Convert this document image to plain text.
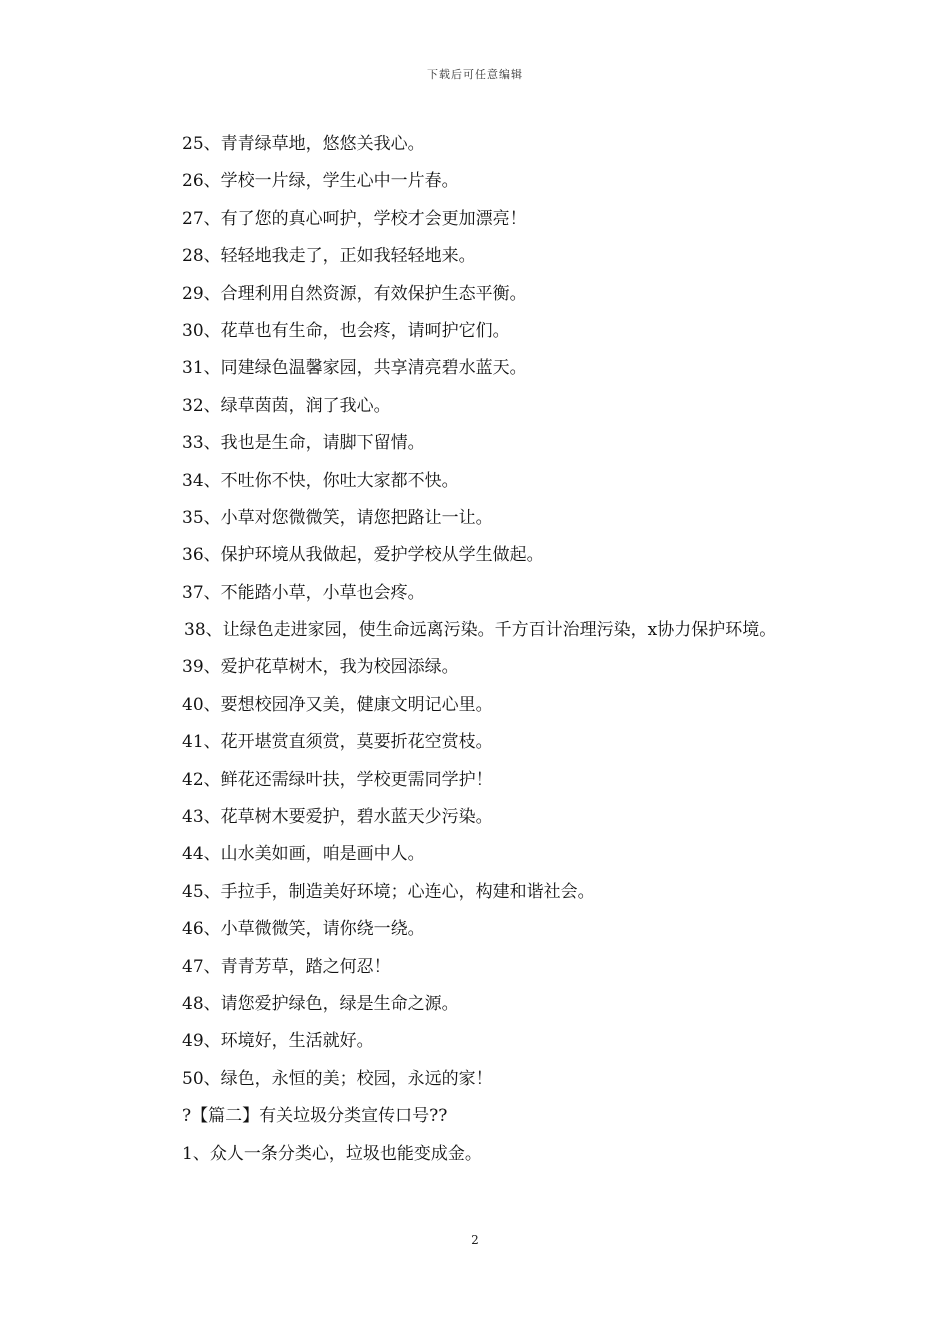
下载后可任意编辑
25、青青绿草地，悠悠关我心。
26、学校一片绿，学生心中一片春。
27、有了您的真心呵护，学校才会更加漂亮！
28、轻轻地我走了，正如我轻轻地来。
29、合理利用自然资源，有效保护生态平衡。
30、花草也有生命，也会疼，请呵护它们。
31、同建绿色温馨家园，共享清亮碧水蓝天。
32、绿草茵茵，润了我心。
33、我也是生命，请脚下留情。
34、不吐你不快，你吐大家都不快。
35、小草对您微微笑，请您把路让一让。
36、保护环境从我做起，爱护学校从学生做起。
37、不能踏小草，小草也会疼。
38、让绿色走进家园，使生命远离污染。千方百计治理污染，x协力保护环境。
39、爱护花草树木，我为校园添绿。
40、要想校园净又美，健康文明记心里。
41、花开堪赏直须赏，莫要折花空赏枝。
42、鲜花还需绿叶扶，学校更需同学护！
43、花草树木要爱护，碧水蓝天少污染。
44、山水美如画，咱是画中人。
45、手拉手，制造美好环境；心连心，构建和谐社会。
46、小草微微笑，请你绕一绕。
47、青青芳草，踏之何忍！
48、请您爱护绿色，绿是生命之源。
49、环境好，生活就好。
50、绿色，永恒的美；校园，永远的家！
?【篇二】有关垃圾分类宣传口号??
1、众人一条分类心，垃圾也能变成金。
2
